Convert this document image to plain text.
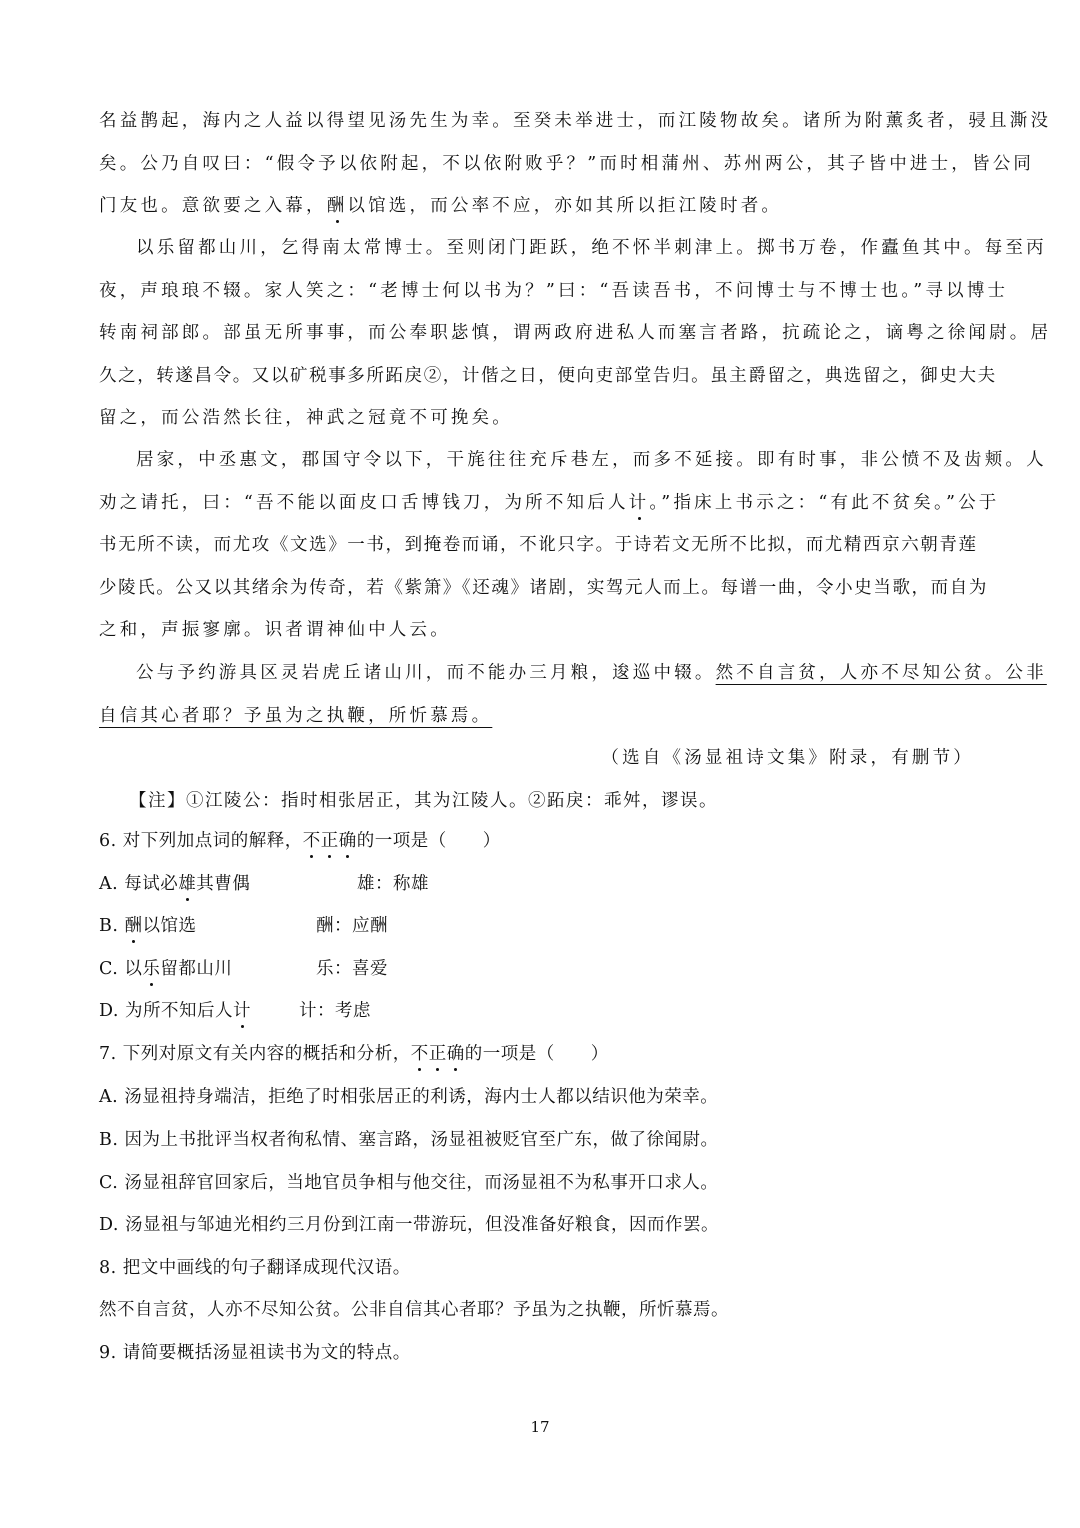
名益鹊起，海内之人益以得望见汤先生为幸。至癸未举进士，而江陵物故矣。诸所为附薰炙者，骎且澌没
矣。公乃自叹曰：“假令予以依附起，不以依附败乎？”而时相蒲州、苏州两公，其子皆中进士，皆公同
门友也。意欲要之入幕，酬以馆选，而公率不应，亦如其所以拒江陵时者。
以乐留都山川，乞得南太常博士。至则闭门距跃，绝不怀半刺津上。掷书万卷，作蠹鱼其中。每至丙
夜，声琅琅不辍。家人笑之：“老博士何以书为？”曰：“吾读吾书，不问博士与不博士也。”寻以博士
转南祠部郎。部虽无所事事，而公奉职毖慎，谓两政府进私人而塞言者路，抗疏论之，谪粤之徐闻尉。居
久之，转遂昌令。又以矿税事多所跖戾②，计偕之日，便向吏部堂告归。虽主爵留之，典选留之，御史大夫
留之，而公浩然长往，神武之冠竟不可挽矣。
居家，中丞惠文，郡国守令以下，干旄往往充斥巷左，而多不延接。即有时事，非公愤不及齿颊。人
劝之请托，曰：“吾不能以面皮口舌博钱刀，为所不知后人计。”指床上书示之：“有此不贫矣。”公于
书无所不读，而尤攻《文选》一书，到掩卷而诵，不讹只字。于诗若文无所不比拟，而尤精西京六朝青莲
少陵氏。公又以其绪余为传奇，若《紫箫》《还魂》诸剧，实驾元人而上。每谱一曲，令小史当歌，而自为
之和，声振寥廓。识者谓神仙中人云。
公与予约游具区灵岩虎丘诸山川，而不能办三月粮，逡巡中辍。然不自言贫，人亦不尽知公贫。公非
自信其心者耶？予虽为之执鞭，所忻慕焉。
（选自《汤显祖诗文集》附录，有删节）
【注】①江陵公：指时相张居正，其为江陵人。②跖戾：乖舛，谬误。
6. 对下列加点词的解释，不正确的一项是（　　）
A. 每试必雄其曹偶	雄：称雄
B. 酬以馆选	酬：应酬
C. 以乐留都山川	乐：喜爱
D. 为所不知后人计	计：考虑
7. 下列对原文有关内容的概括和分析，不正确的一项是（　　）
A. 汤显祖持身端洁，拒绝了时相张居正的利诱，海内士人都以结识他为荣幸。
B. 因为上书批评当权者徇私情、塞言路，汤显祖被贬官至广东，做了徐闻尉。
C. 汤显祖辞官回家后，当地官员争相与他交往，而汤显祖不为私事开口求人。
D. 汤显祖与邹迪光相约三月份到江南一带游玩，但没准备好粮食，因而作罢。
8. 把文中画线的句子翻译成现代汉语。
然不自言贫，人亦不尽知公贫。公非自信其心者耶？予虽为之执鞭，所忻慕焉。
9. 请简要概括汤显祖读书为文的特点。
17
